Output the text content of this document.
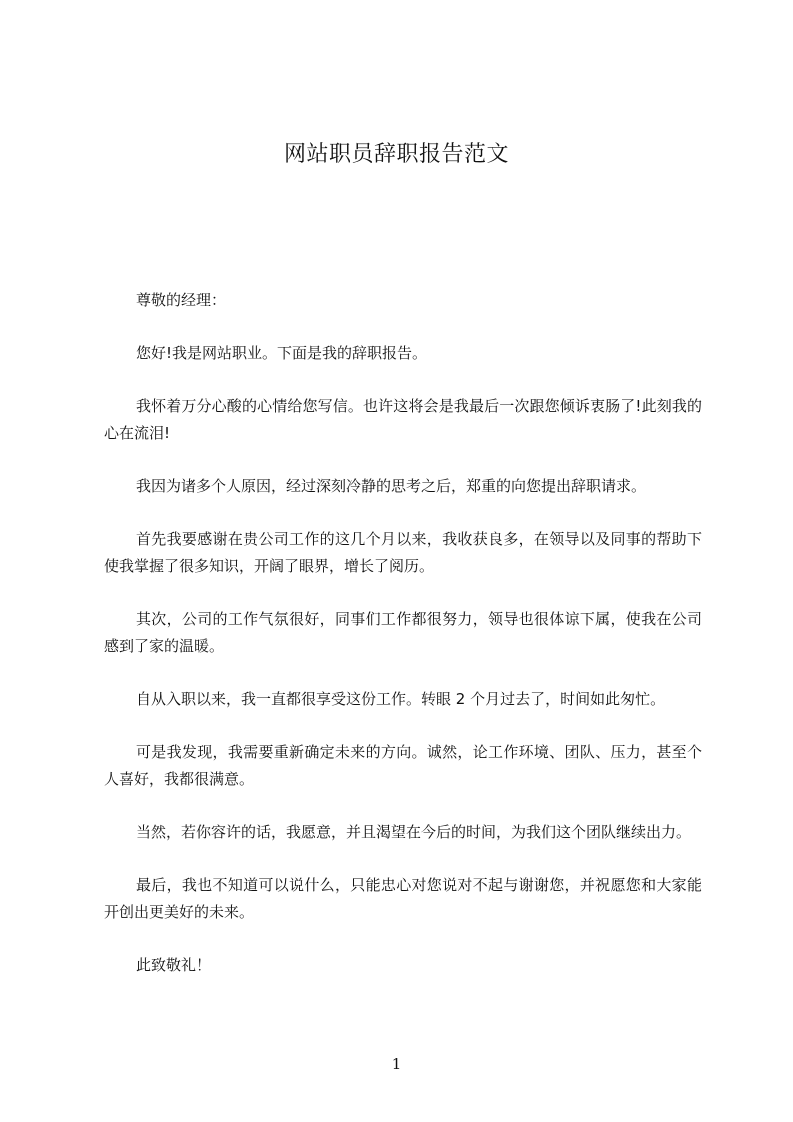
网站职员辞职报告范文

尊敬的经理：

您好!我是网站职业。下面是我的辞职报告。

我怀着万分心酸的心情给您写信。也许这将会是我最后一次跟您倾诉衷肠了!此刻我的心在流泪!

我因为诸多个人原因，经过深刻冷静的思考之后，郑重的向您提出辞职请求。

首先我要感谢在贵公司工作的这几个月以来，我收获良多，在领导以及同事的帮助下使我掌握了很多知识，开阔了眼界，增长了阅历。

其次，公司的工作气氛很好，同事们工作都很努力，领导也很体谅下属，使我在公司感到了家的温暖。

自从入职以来，我一直都很享受这份工作。转眼 2 个月过去了，时间如此匆忙。

可是我发现，我需要重新确定未来的方向。诚然，论工作环境、团队、压力，甚至个人喜好，我都很满意。

当然，若你容许的话，我愿意，并且渴望在今后的时间，为我们这个团队继续出力。

最后，我也不知道可以说什么，只能忠心对您说对不起与谢谢您，并祝愿您和大家能开创出更美好的未来。

此致敬礼！

1
